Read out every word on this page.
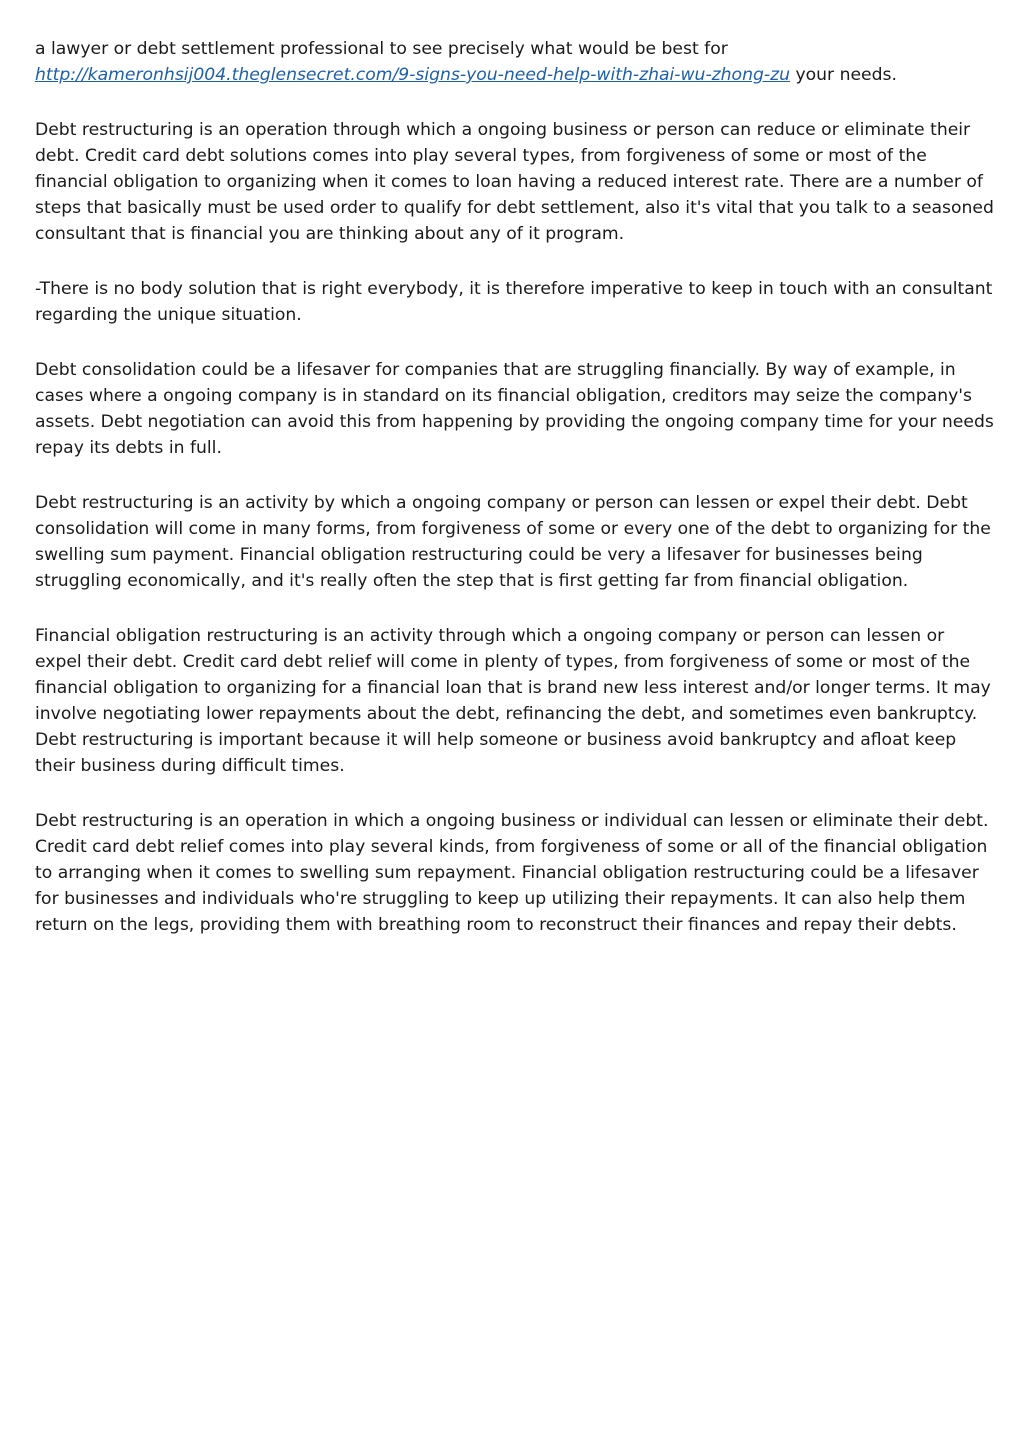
a lawyer or debt settlement professional to see precisely what would be best for
http://kameronhsij004.theglensecret.com/9-signs-you-need-help-with-zhai-wu-zhong-zu your needs.

Debt restructuring is an operation through which a ongoing business or person can reduce or eliminate their debt. Credit card debt solutions comes into play several types, from forgiveness of some or most of the financial obligation to organizing when it comes to loan having a reduced interest rate. There are a number of steps that basically must be used order to qualify for debt settlement, also it's vital that you talk to a seasoned consultant that is financial you are thinking about any of it program.

-There is no body solution that is right everybody, it is therefore imperative to keep in touch with an consultant regarding the unique situation.

Debt consolidation could be a lifesaver for companies that are struggling financially. By way of example, in cases where a ongoing company is in standard on its financial obligation, creditors may seize the company's assets. Debt negotiation can avoid this from happening by providing the ongoing company time for your needs repay its debts in full.

Debt restructuring is an activity by which a ongoing company or person can lessen or expel their debt. Debt consolidation will come in many forms, from forgiveness of some or every one of the debt to organizing for the swelling sum payment. Financial obligation restructuring could be very a lifesaver for businesses being struggling economically, and it's really often the step that is first getting far from financial obligation.

Financial obligation restructuring is an activity through which a ongoing company or person can lessen or expel their debt. Credit card debt relief will come in plenty of types, from forgiveness of some or most of the financial obligation to organizing for a financial loan that is brand new less interest and/or longer terms. It may involve negotiating lower repayments about the debt, refinancing the debt, and sometimes even bankruptcy. Debt restructuring is important because it will help someone or business avoid bankruptcy and afloat keep their business during difficult times.

Debt restructuring is an operation in which a ongoing business or individual can lessen or eliminate their debt. Credit card debt relief comes into play several kinds, from forgiveness of some or all of the financial obligation to arranging when it comes to swelling sum repayment. Financial obligation restructuring could be a lifesaver for businesses and individuals who're struggling to keep up utilizing their repayments. It can also help them return on the legs, providing them with breathing room to reconstruct their finances and repay their debts.
